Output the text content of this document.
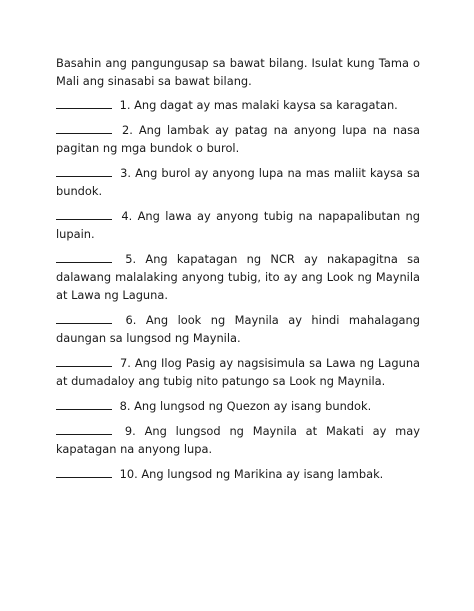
Basahin ang pangungusap sa bawat bilang. Isulat kung Tama o Mali ang sinasabi sa bawat bilang.

1. Ang dagat ay mas malaki kaysa sa karagatan.

2. Ang lambak ay patag na anyong lupa na nasa pagitan ng mga bundok o burol.

3. Ang burol ay anyong lupa na mas maliit kaysa sa bundok.

4. Ang lawa ay anyong tubig na napapalibutan ng lupain.

5. Ang kapatagan ng NCR ay nakapagitna sa dalawang malalaking anyong tubig, ito ay ang Look ng Maynila at Lawa ng Laguna.

6. Ang look ng Maynila ay hindi mahalagang daungan sa lungsod ng Maynila.

7. Ang Ilog Pasig ay nagsisimula sa Lawa ng Laguna at dumadaloy ang tubig nito patungo sa Look ng Maynila.

8. Ang lungsod ng Quezon ay isang bundok.

9. Ang lungsod ng Maynila at Makati ay may kapatagan na anyong lupa.

10. Ang lungsod ng Marikina ay isang lambak.
